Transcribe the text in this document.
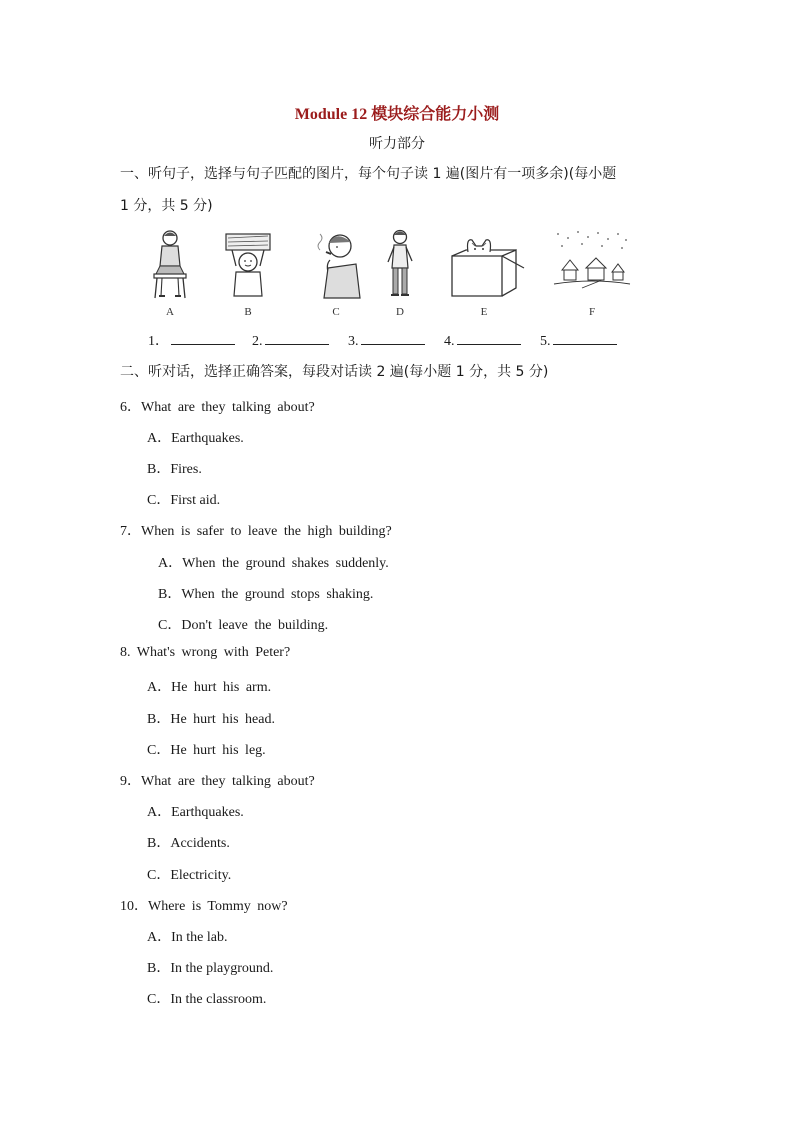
Module 12 模块综合能力小测
听力部分
一、听句子，选择与句子匹配的图片，每个句子读 1 遍(图片有一项多余)(每小题
1 分，共 5 分)
A	B	C	D	E	F
1．	2.	3.	4.	5.
二、听对话，选择正确答案，每段对话读 2 遍(每小题 1 分，共 5 分)
6．What are they talking about?
A．Earthquakes.
B．Fires.
C．First aid.
7．When is safer to leave the high building?
A．When the ground shakes suddenly.
B．When the ground stops shaking.
C．Don't leave the building.
8. What's wrong with Peter?
A．He hurt his arm.
B．He hurt his head.
C．He hurt his leg.
9．What are they talking about?
A．Earthquakes.
B．Accidents.
C．Electricity.
10．Where is Tommy now?
A．In the lab.
B．In the playground.
C．In the classroom.
